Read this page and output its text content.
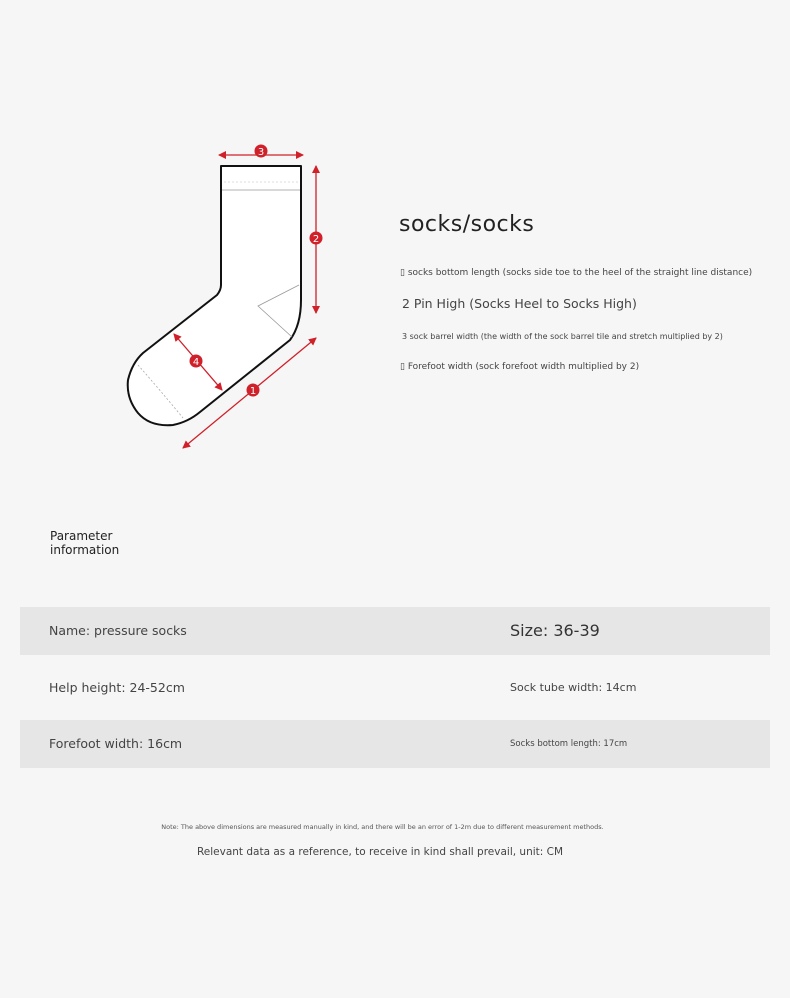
3
2
4
1
socks/socks
▯ socks bottom length (socks side toe to the heel of the straight line distance)
2 Pin High (Socks Heel to Socks High)
3 sock barrel width (the width of the sock barrel tile and stretch multiplied by 2)
▯ Forefoot width (sock forefoot width multiplied by 2)
Parameter information
Name: pressure socks	Size: 36-39
Help height: 24-52cm	Sock tube width: 14cm
Forefoot width: 16cm	Socks bottom length: 17cm
Note: The above dimensions are measured manually in kind, and there will be an error of 1-2m due to different measurement methods.
Relevant data as a reference, to receive in kind shall prevail, unit: CM
